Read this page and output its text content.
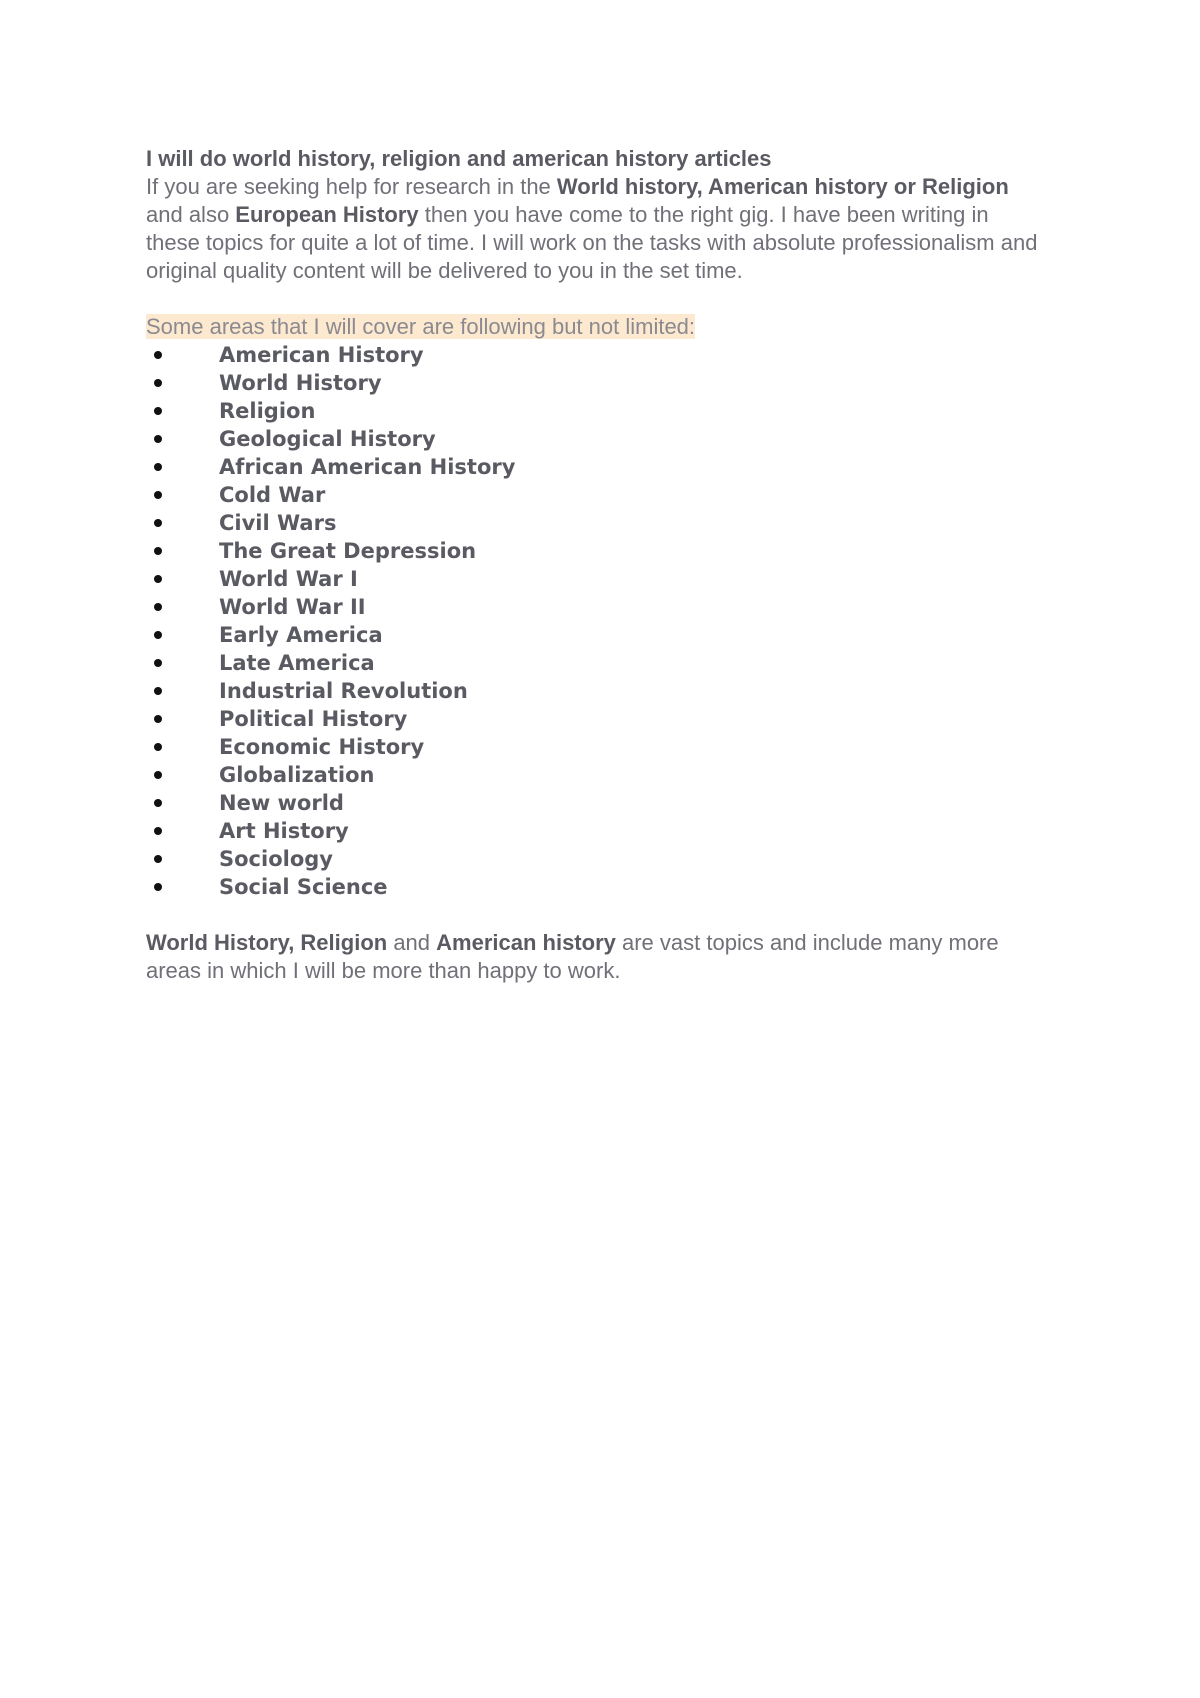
I will do world history, religion and american history articles

If you are seeking help for research in the World history, American history or Religion and also European History then you have come to the right gig. I have been writing in these topics for quite a lot of time. I will work on the tasks with absolute professionalism and original quality content will be delivered to you in the set time.

Some areas that I will cover are following but not limited:

American History
World History
Religion
Geological History
African American History
Cold War
Civil Wars
The Great Depression
World War I
World War II
Early America
Late America
Industrial Revolution
Political History
Economic History
Globalization
New world
Art History
Sociology
Social Science

World History, Religion and American history are vast topics and include many more areas in which I will be more than happy to work.
